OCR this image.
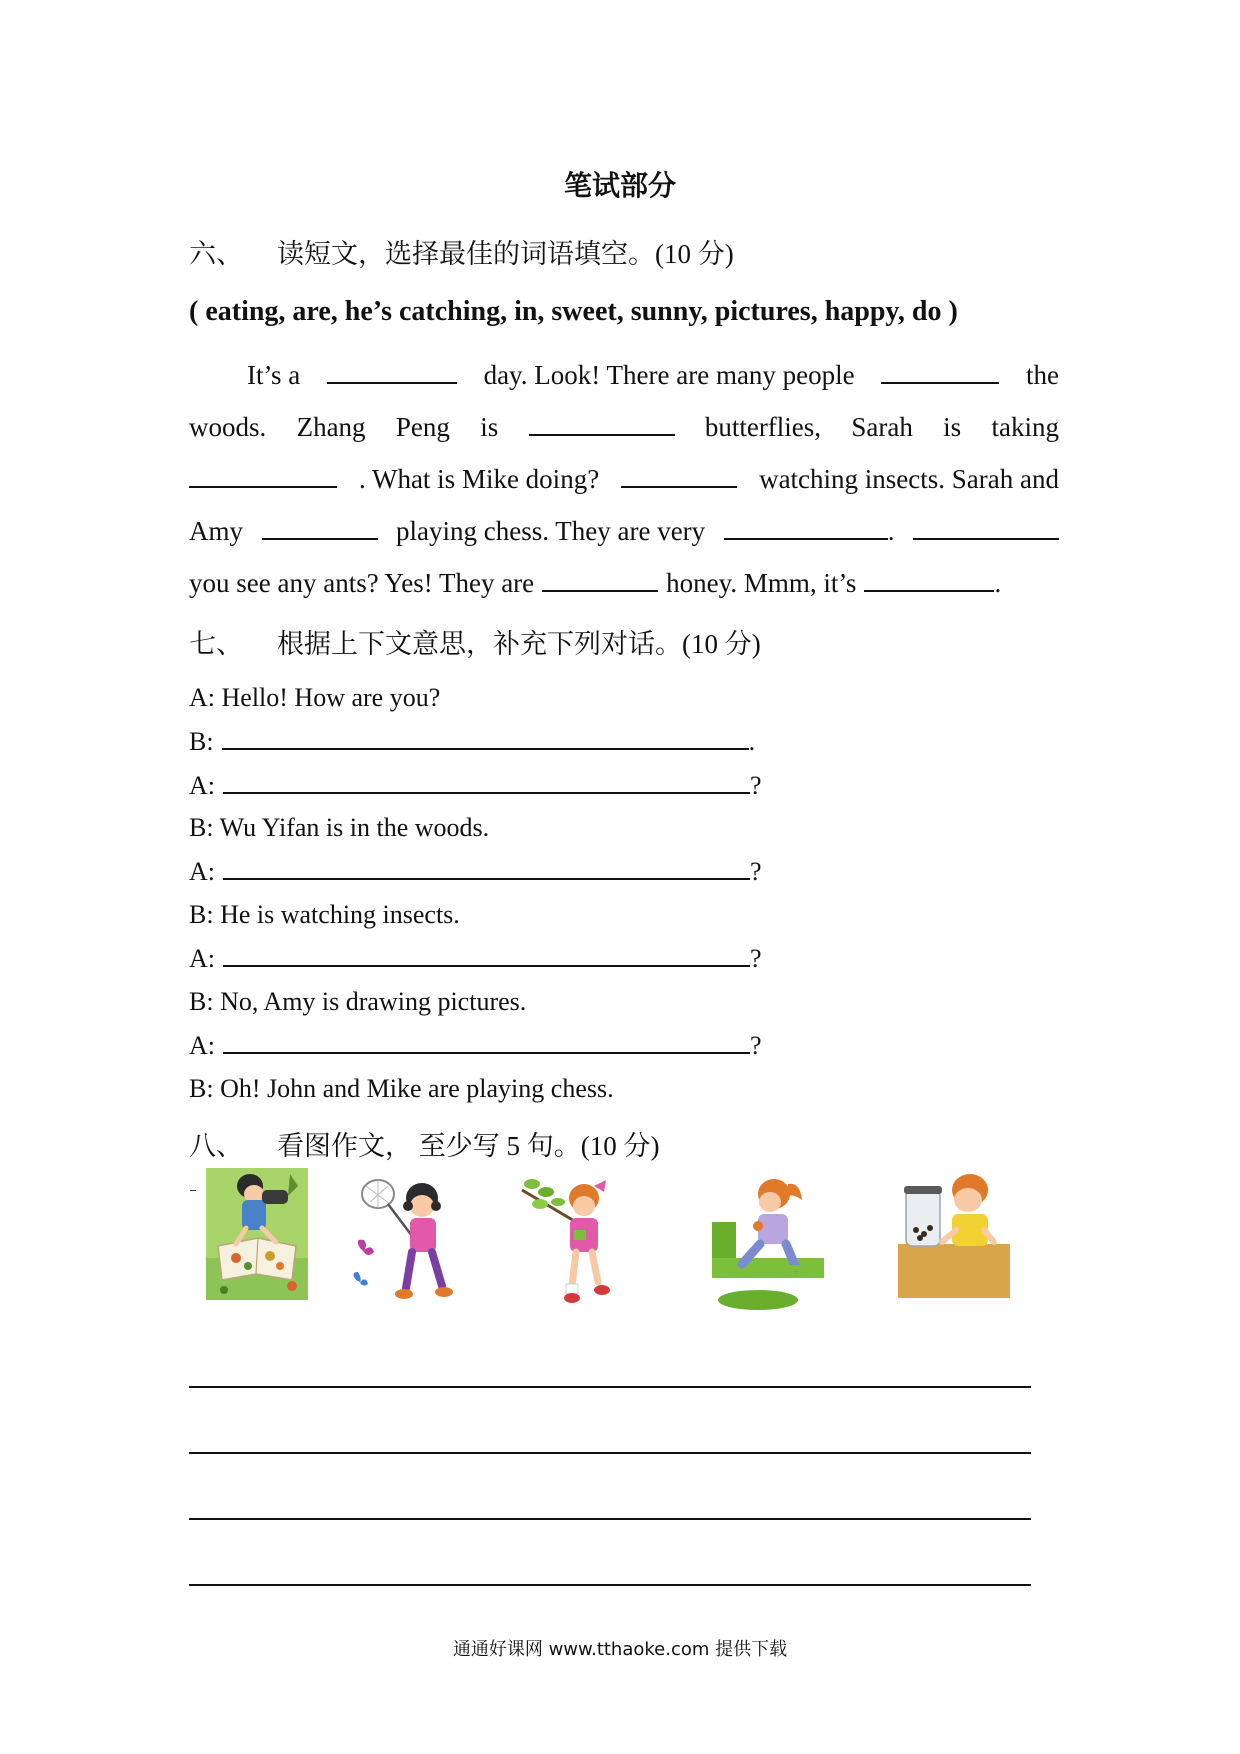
笔试部分
六、 读短文，选择最佳的词语填空。(10 分)
( eating, are, he’s catching, in, sweet, sunny, pictures, happy, do )
It’s a	day. Look! There are many people	the
woods. Zhang Peng is	butterflies, Sarah is taking
. What is Mike doing?	watching insects. Sarah and
Amy	playing chess. They are very	.
you see any ants? Yes! They are	honey. Mmm, it’s	.
七、 根据上下文意思，补充下列对话。(10 分)
A: Hello! How are you?
B:	.
A:	?
B: Wu Yifan is in the woods.
A:	?
B: He is watching insects.
A:	?
B: No, Amy is drawing pictures.
A:	?
B: Oh! John and Mike are playing chess.
八、 看图作文， 至少写 5 句。(10 分)
通通好课网 www.tthaoke.com 提供下载
